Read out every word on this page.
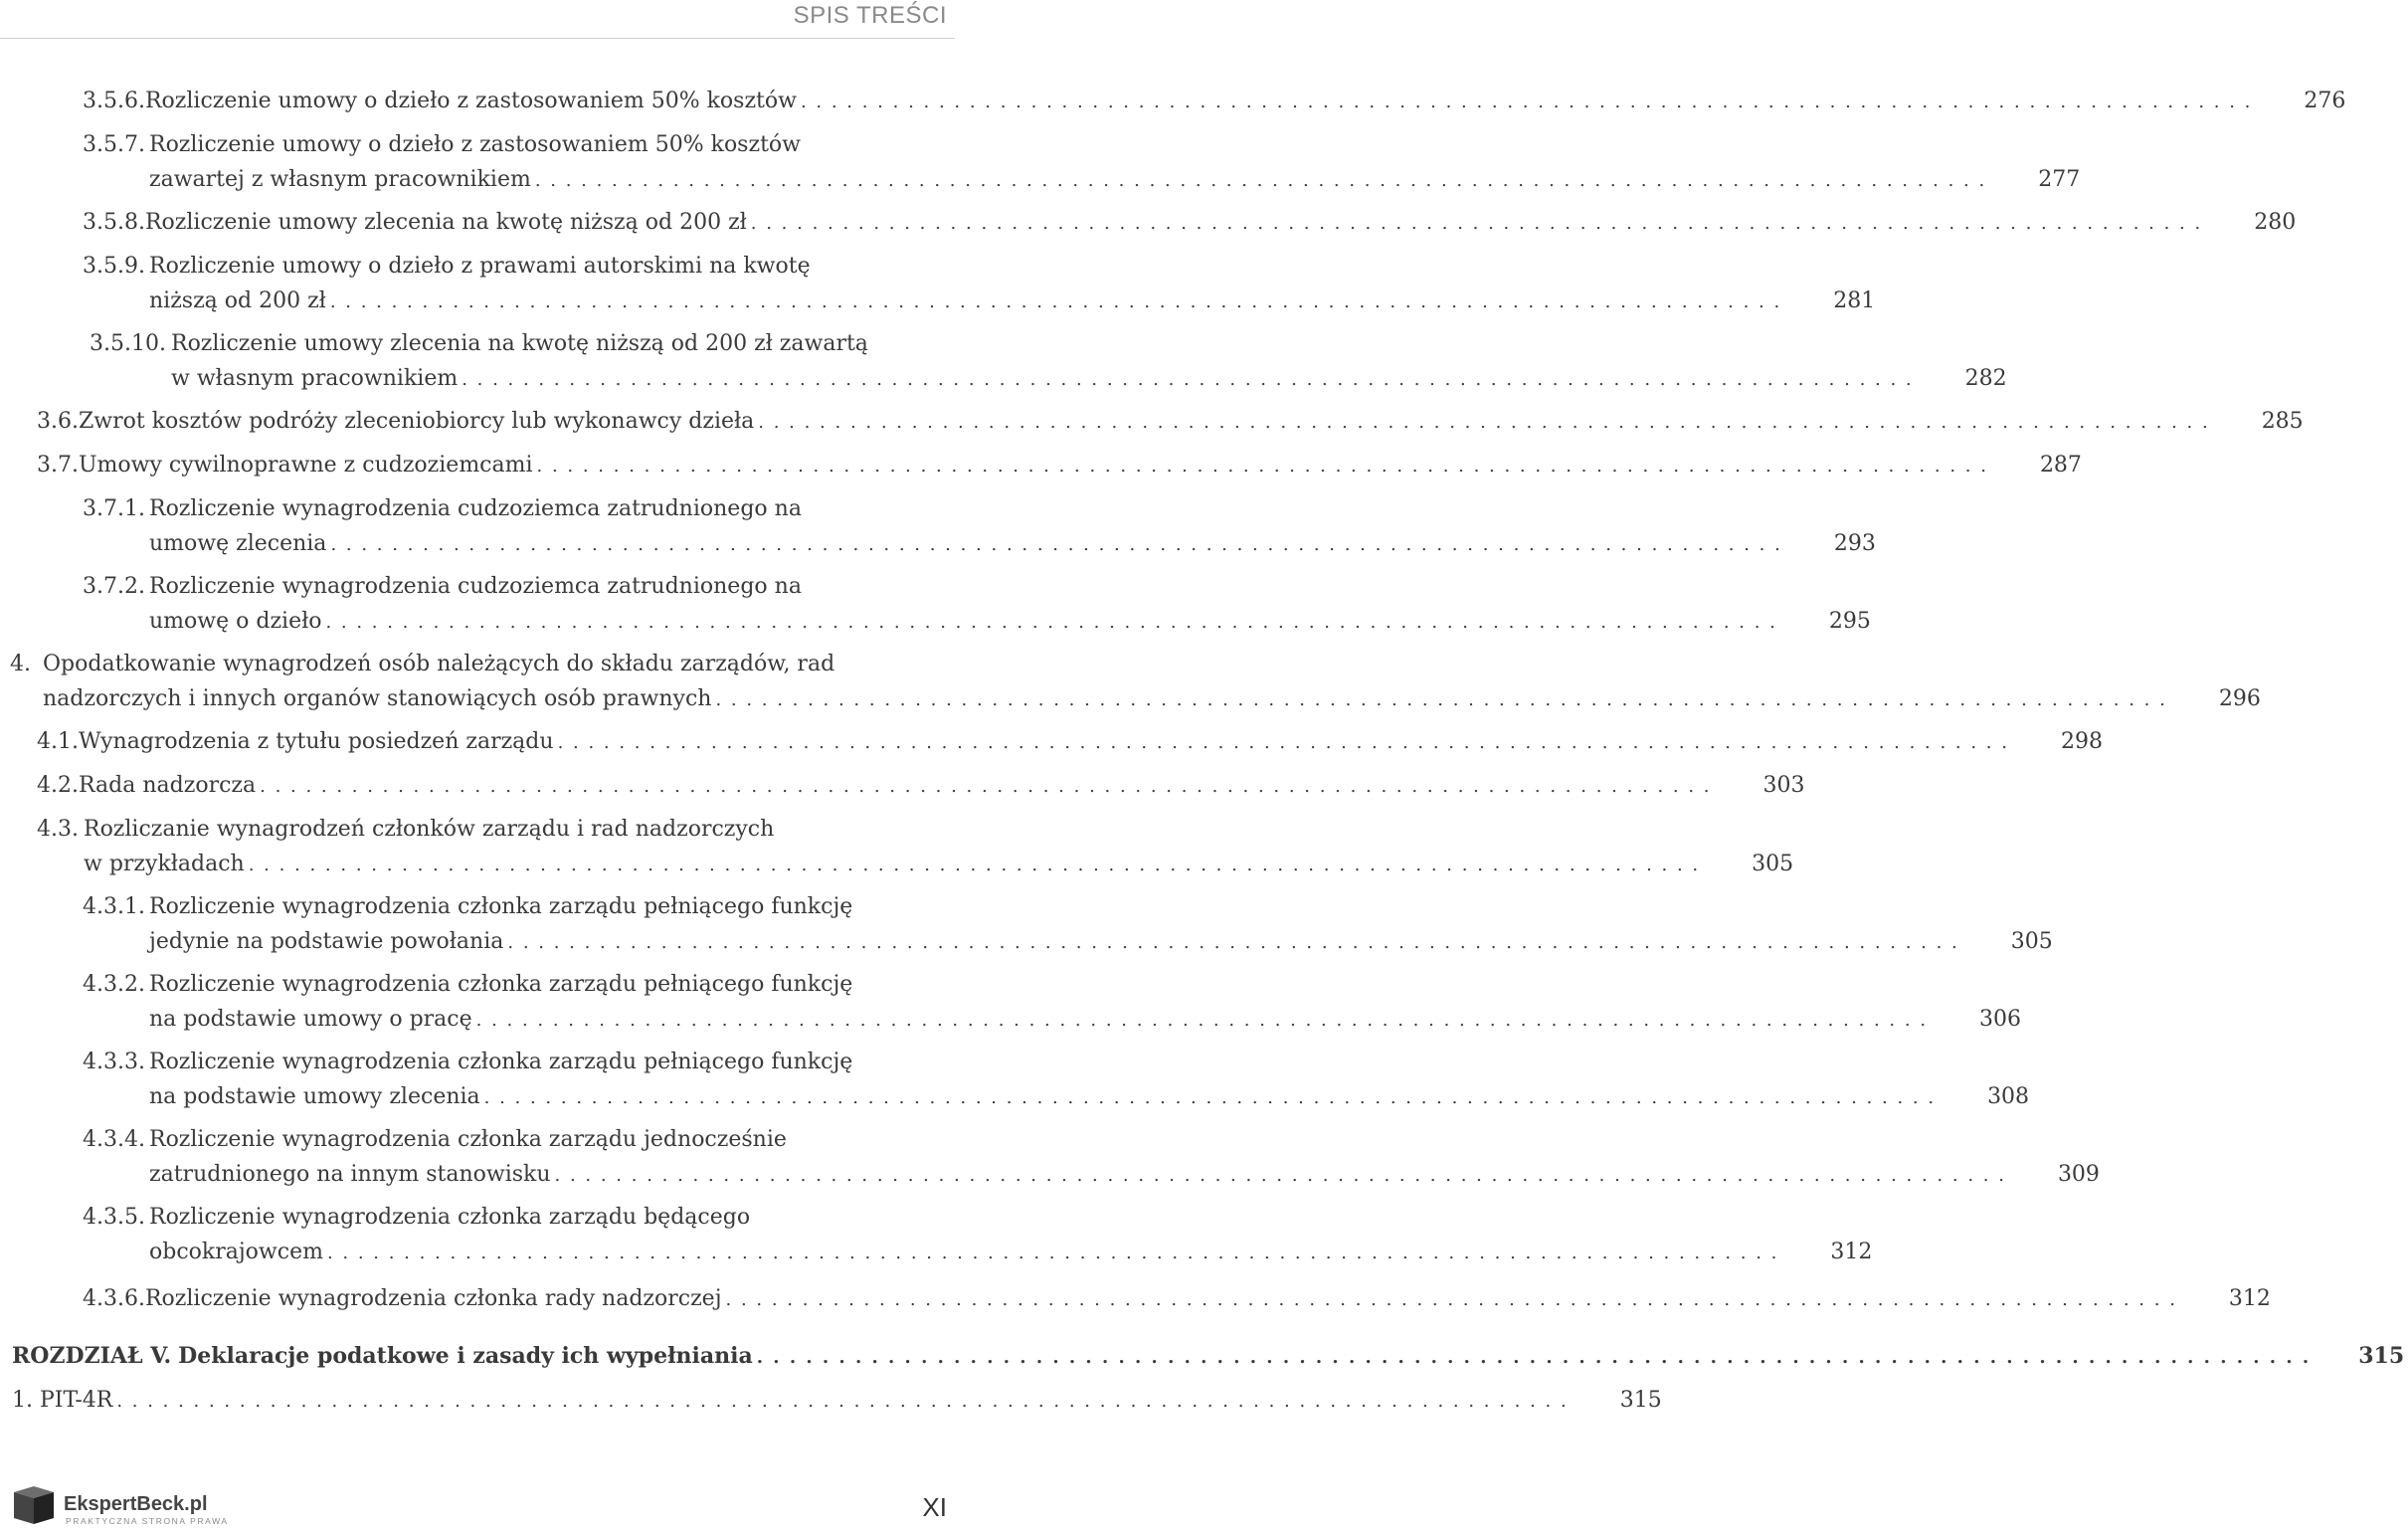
SPIS TREŚCI
3.5.6. Rozliczenie umowy o dzieło z zastosowaniem 50% kosztów . . .	276
3.5.7. Rozliczenie umowy o dzieło z zastosowaniem 50% kosztów
zawartej z własnym pracownikiem . . .	277
3.5.8. Rozliczenie umowy zlecenia na kwotę niższą od 200 zł . . .	280
3.5.9. Rozliczenie umowy o dzieło z prawami autorskimi na kwotę
niższą od 200 zł . . .	281
3.5.10. Rozliczenie umowy zlecenia na kwotę niższą od 200 zł zawartą
w własnym pracownikiem . . .	282
3.6. Zwrot kosztów podróży zleceniobiorcy lub wykonawcy dzieła . . .	285
3.7. Umowy cywilnoprawne z cudzoziemcami . . .	287
3.7.1. Rozliczenie wynagrodzenia cudzoziemca zatrudnionego na
umowę zlecenia . . .	293
3.7.2. Rozliczenie wynagrodzenia cudzoziemca zatrudnionego na
umowę o dzieło . . .	295
4. Opodatkowanie wynagrodzeń osób należących do składu zarządów, rad
nadzorczych i innych organów stanowiących osób prawnych . . .	296
4.1. Wynagrodzenia z tytułu posiedzeń zarządu . . .	298
4.2. Rada nadzorcza . . .	303
4.3. Rozliczanie wynagrodzeń członków zarządu i rad nadzorczych
w przykładach . . .	305
4.3.1. Rozliczenie wynagrodzenia członka zarządu pełniącego funkcję
jedynie na podstawie powołania . . .	305
4.3.2. Rozliczenie wynagrodzenia członka zarządu pełniącego funkcję
na podstawie umowy o pracę . . .	306
4.3.3. Rozliczenie wynagrodzenia członka zarządu pełniącego funkcję
na podstawie umowy zlecenia . . .	308
4.3.4. Rozliczenie wynagrodzenia członka zarządu jednocześnie
zatrudnionego na innym stanowisku . . .	309
4.3.5. Rozliczenie wynagrodzenia członka zarządu będącego
obcokrajowcem . . .	312
4.3.6. Rozliczenie wynagrodzenia członka rady nadzorczej . . .	312
ROZDZIAŁ V. Deklaracje podatkowe i zasady ich wypełniania . . .	315
1. PIT-4R . . .	315
EkspertBeck.pl
PRAKTYCZNA STRONA PRAWA	XI
